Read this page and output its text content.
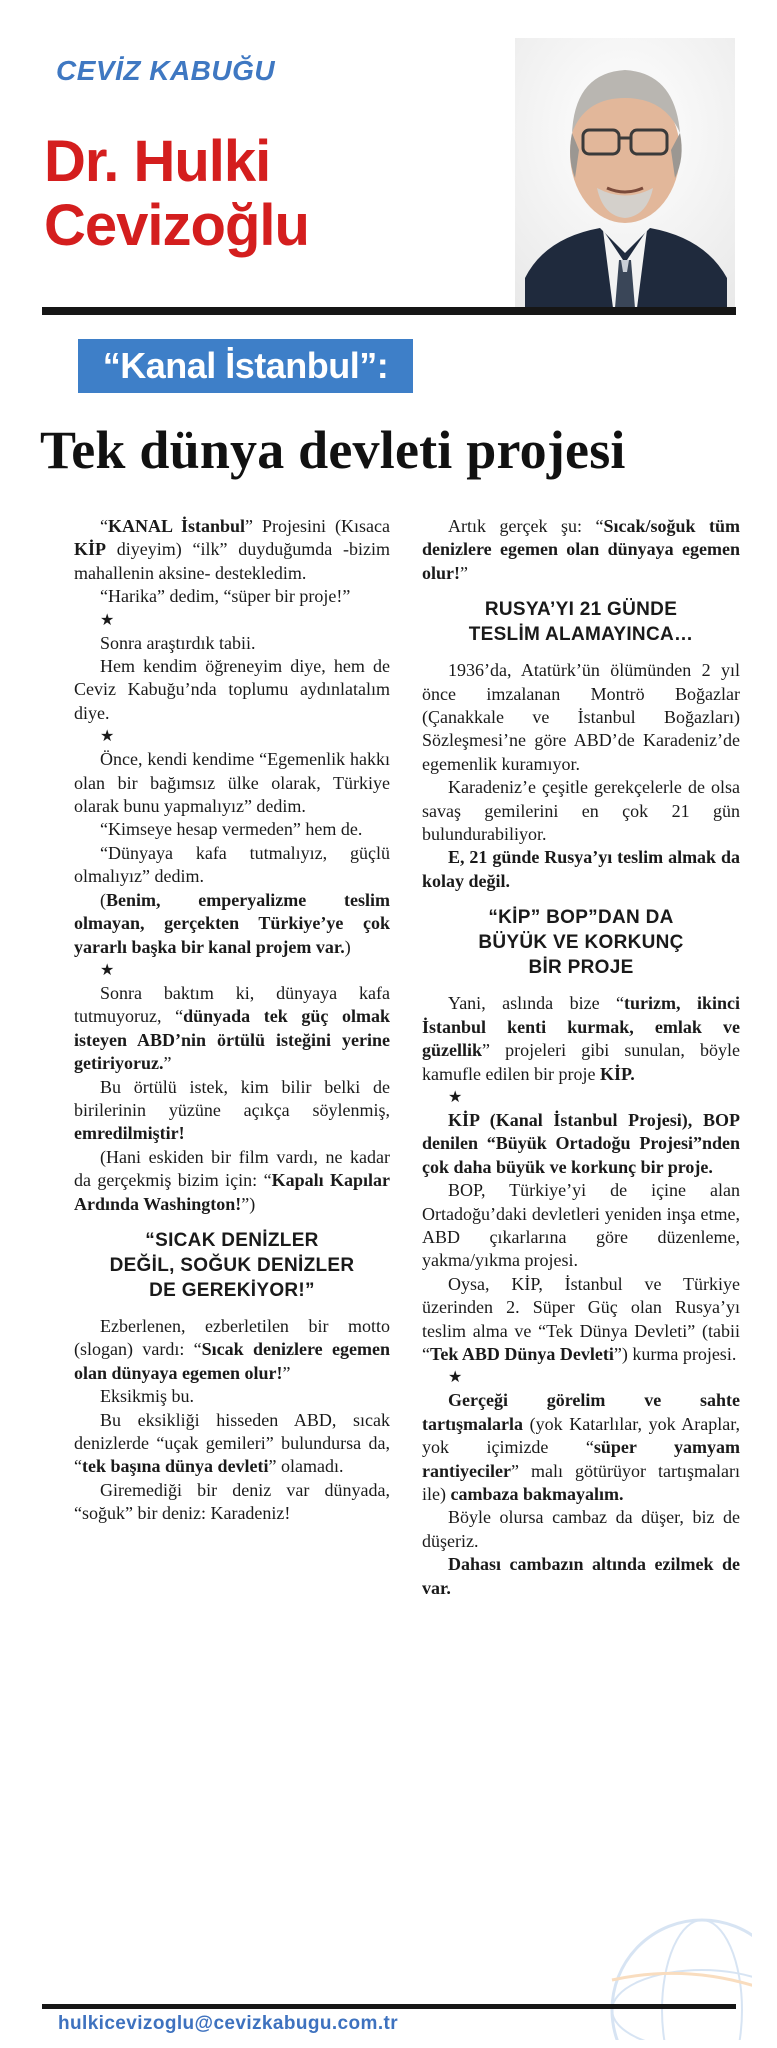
CEVİZ KABUĞU
Dr. Hulki
Cevizoğlu
“Kanal İstanbul”:
Tek dünya devleti projesi

“KANAL İstanbul” Projesini (Kısaca KİP diyeyim) “ilk” duyduğumda -bizim mahallenin aksine- destekledim.

“Harika” dedim, “süper bir proje!”

★

Sonra araştırdık tabii.

Hem kendim öğreneyim diye, hem de Ceviz Kabuğu’nda toplumu aydınlatalım diye.

★

Önce, kendi kendime “Egemenlik hakkı olan bir bağımsız ülke olarak, Türkiye olarak bunu yapmalıyız” dedim.

“Kimseye hesap vermeden” hem de.

“Dünyaya kafa tutmalıyız, güçlü olmalıyız” dedim.

(Benim, emperyalizme teslim olmayan, gerçekten Türkiye’ye çok yararlı başka bir kanal projem var.)

★

Sonra baktım ki, dünyaya kafa tutmuyoruz, “dünyada tek güç olmak isteyen ABD’nin örtülü isteğini yerine getiriyoruz.”

Bu örtülü istek, kim bilir belki de birilerinin yüzüne açıkça söylenmiş, emredilmiştir!

(Hani eskiden bir film vardı, ne kadar da gerçekmiş bizim için: “Kapalı Kapılar Ardında Washington!”)

“SICAK DENİZLER
DEĞİL, SOĞUK DENİZLER
DE GEREKİYOR!”

Ezberlenen, ezberletilen bir motto (slogan) vardı: “Sıcak denizlere egemen olan dünyaya egemen olur!”

Eksikmiş bu.

Bu eksikliği hisseden ABD, sıcak denizlerde “uçak gemileri” bulundursa da, “tek başına dünya devleti” olamadı.

Giremediği bir deniz var dünyada, “soğuk” bir deniz: Karadeniz!

Artık gerçek şu: “Sıcak/soğuk tüm denizlere egemen olan dünyaya egemen olur!”

RUSYA’YI 21 GÜNDE
TESLİM ALAMAYINCA…

1936’da, Atatürk’ün ölümünden 2 yıl önce imzalanan Montrö Boğazlar (Çanakkale ve İstanbul Boğazları) Sözleşmesi’ne göre ABD’de Karadeniz’de egemenlik kuramıyor.

Karadeniz’e çeşitle gerekçelerle de olsa savaş gemilerini en çok 21 gün bulundurabiliyor.

E, 21 günde Rusya’yı teslim almak da kolay değil.

“KİP” BOP”DAN DA
BÜYÜK VE KORKUNÇ
BİR PROJE

Yani, aslında bize “turizm, ikinci İstanbul kenti kurmak, emlak ve güzellik” projeleri gibi sunulan, böyle kamufle edilen bir proje KİP.

★

KİP (Kanal İstanbul Projesi), BOP denilen “Büyük Ortadoğu Projesi”nden çok daha büyük ve korkunç bir proje.

BOP, Türkiye’yi de içine alan Ortadoğu’daki devletleri yeniden inşa etme, ABD çıkarlarına göre düzenleme, yakma/yıkma projesi.

Oysa, KİP, İstanbul ve Türkiye üzerinden 2. Süper Güç olan Rusya’yı teslim alma ve “Tek Dünya Devleti” (tabii “Tek ABD Dünya Devleti”) kurma projesi.

★

Gerçeği görelim ve sahte tartışmalarla (yok Katarlılar, yok Araplar, yok içimizde “süper yamyam rantiyeciler” malı götürüyor tartışmaları ile) cambaza bakmayalım.

Böyle olursa cambaz da düşer, biz de düşeriz.

Dahası cambazın altında ezilmek de var.

hulkicevizoglu@cevizkabugu.com.tr
